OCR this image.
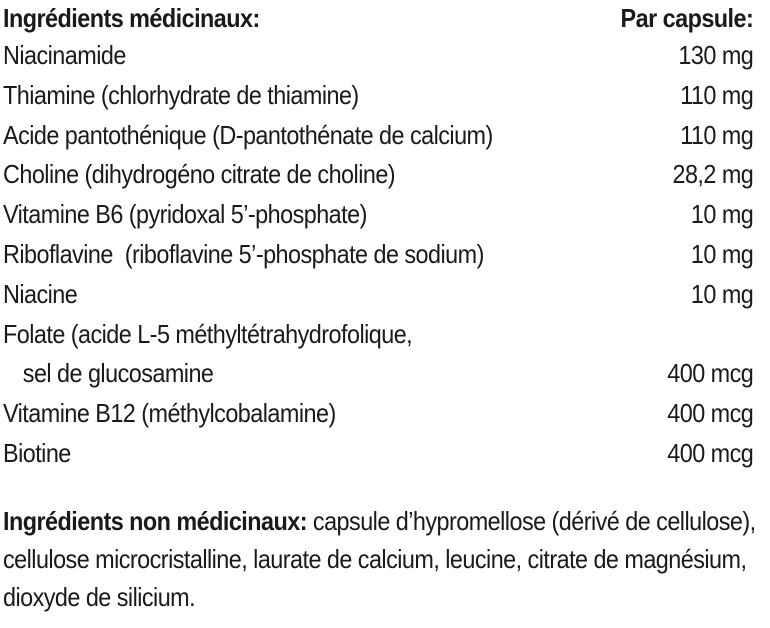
Ingrédients médicinaux:	Par capsule:
Niacinamide	130 mg
Thiamine (chlorhydrate de thiamine)	110 mg
Acide pantothénique (D-pantothénate de calcium)	110 mg
Choline (dihydrogéno citrate de choline)	28,2 mg
Vitamine B6 (pyridoxal 5’-phosphate)	10 mg
Riboflavine  (riboflavine 5’-phosphate de sodium)	10 mg
Niacine	10 mg
Folate (acide L-5 méthyltétrahydrofolique,
sel de glucosamine	400 mcg
Vitamine B12 (méthylcobalamine)	400 mcg
Biotine	400 mcg
Ingrédients non médicinaux: capsule d’hypromellose (dérivé de cellulose), cellulose microcristalline, laurate de calcium, leucine, citrate de magnésium, dioxyde de silicium.
